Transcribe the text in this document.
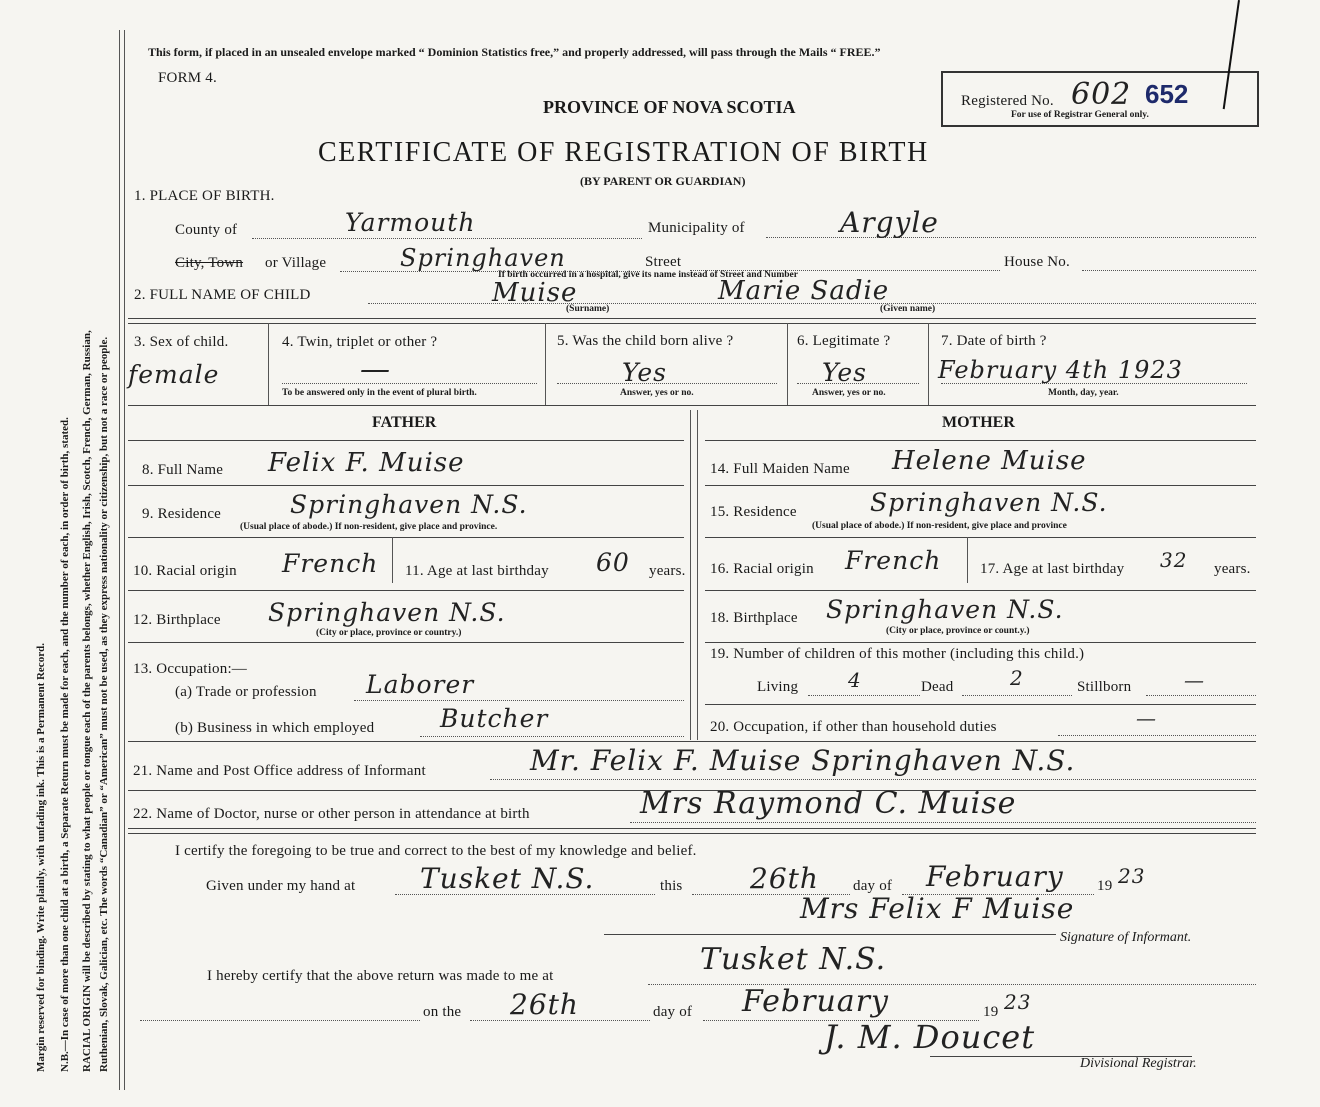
Margin reserved for binding. Write plainly, with unfading ink. This is a Permanent Record. N.B.—In case of more than one child at a birth, a Separate Return must be made for each, and the number of each, in order of birth, stated. RACIAL ORIGIN will be described by stating to what people or tongue each of the parents belongs, whether English, Irish, Scotch, French, German, Russian, Ruthenian, Slovak, Galician, etc. The words “Canadian” or “American” must not be used, as they express nationality or citizenship, but not a race or people.
This form, if placed in an unsealed envelope marked “ Dominion Statistics free,” and properly addressed, will pass through the Mails “ FREE.”
FORM 4.
PROVINCE OF NOVA SCOTIA
CERTIFICATE OF REGISTRATION OF BIRTH
(BY PARENT OR GUARDIAN)
Registered No. 602 652
For use of Registrar General only.
1. PLACE OF BIRTH.
County of	Yarmouth	Municipality of	Argyle
City, Town or Village	Springhaven	Street	House No.
If birth occurred in a hospital, give its name instead of Street and Number
2. FULL NAME OF CHILD	Muise	Marie Sadie
(Surname)	(Given name)
3. Sex of child.
female
4. Twin, triplet or other ?
—
To be answered only in the event of plural birth.
5. Was the child born alive ?
Yes
Answer, yes or no.
6. Legitimate ?
Yes
Answer, yes or no.
7. Date of birth ?
February 4th 1923
Month, day, year.
FATHER	MOTHER
8. Full Name Felix F. Muise
9. Residence	Springhaven N.S.
(Usual place of abode.) If non-resident, give place and province.
10. Racial origin French 11. Age at last birthday 60 years.
12. Birthplace Springhaven N.S.
(City or place, province or country.)
13. Occupation:—
(a) Trade or profession Laborer
(b) Business in which employed	Butcher
14. Full Maiden Name Helene Muise
15. Residence	Springhaven N.S.
(Usual place of abode.) If non-resident, give place and province
16. Racial origin French	17. Age at last birthday 32 years.
18. Birthplace Springhaven N.S.
(City or place, province or count.y.)
19. Number of children of this mother (including this child.)
Living 4	Dead	2	Stillborn	—
20. Occupation, if other than household duties	—
21. Name and Post Office address of Informant	Mr. Felix F. Muise Springhaven N.S.
22. Name of Doctor, nurse or other person in attendance at birth	Mrs Raymond C. Muise
I certify the foregoing to be true and correct to the best of my knowledge and belief.
Given under my hand at Tusket N.S.	this 26th day of February 19 23
Mrs Felix F Muise
Signature of Informant.
I hereby certify that the above return was made to me at	Tusket N.S.
on the 26th	day of February	19 23
J. M. Doucet
Divisional Registrar.
